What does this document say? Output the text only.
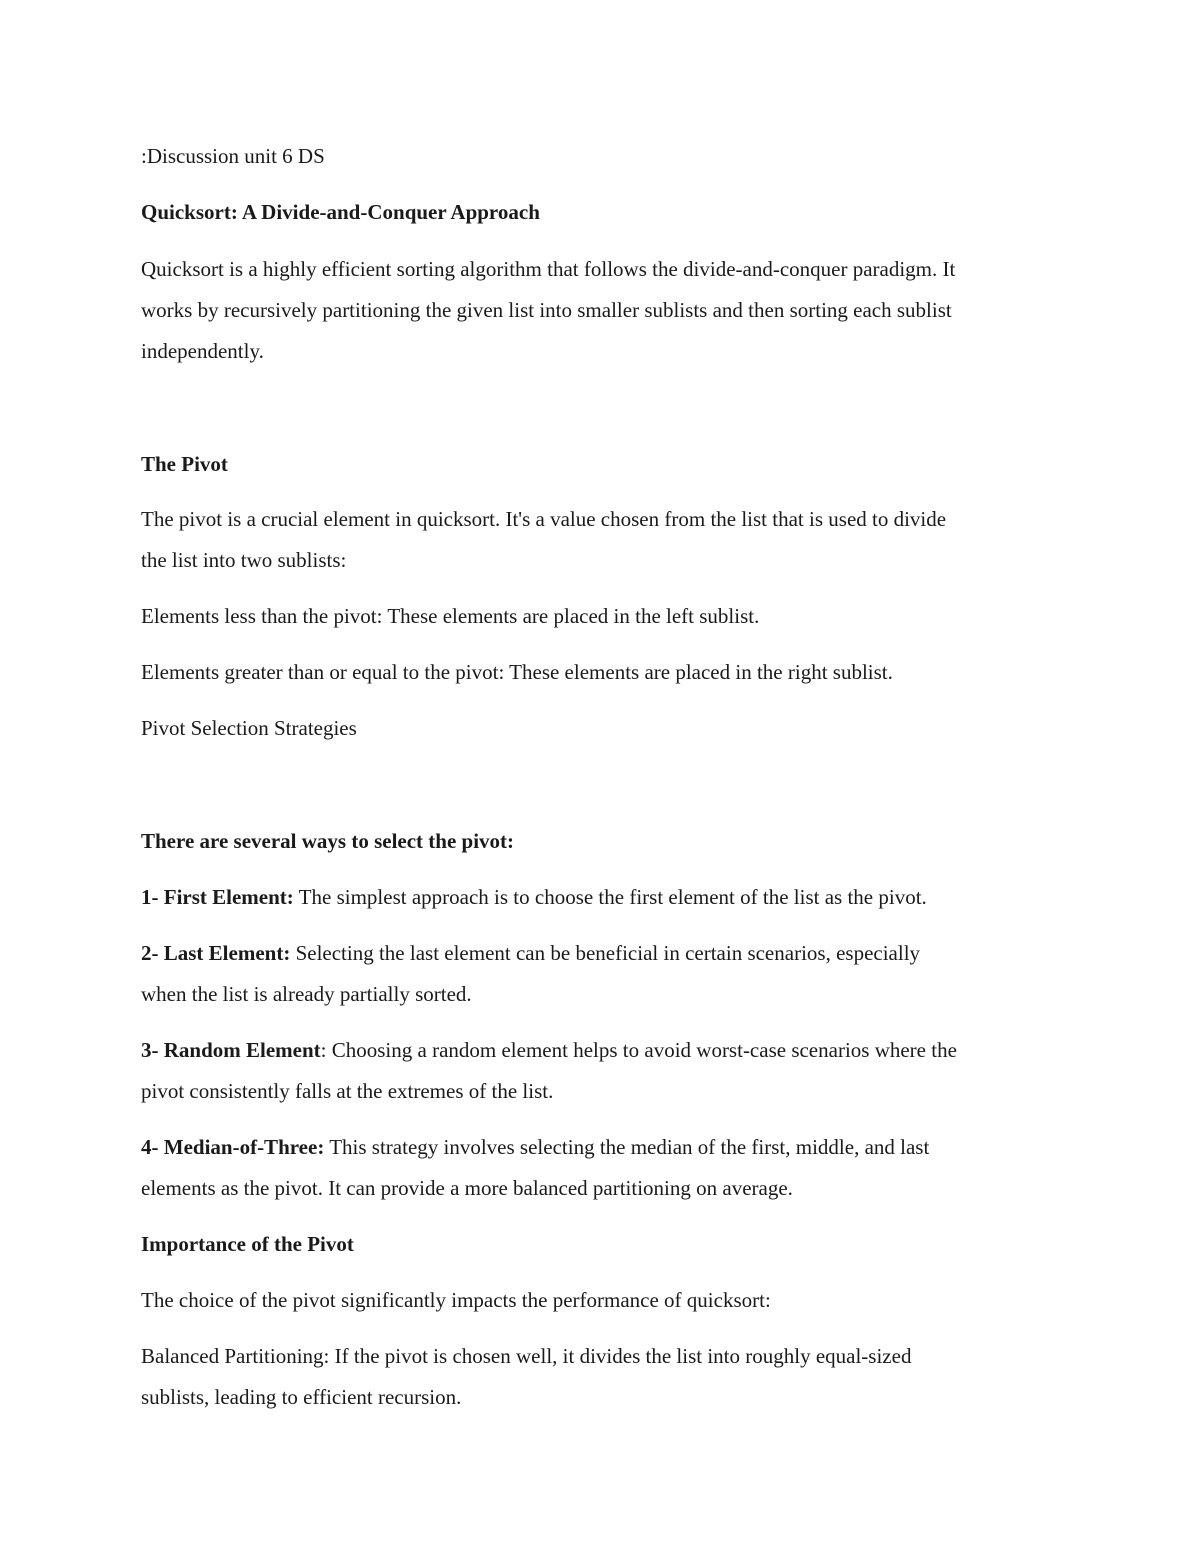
:Discussion unit 6 DS

Quicksort: A Divide-and-Conquer Approach

Quicksort is a highly efficient sorting algorithm that follows the divide-and-conquer paradigm. It

works by recursively partitioning the given list into smaller sublists and then sorting each sublist

independently.

The Pivot

The pivot is a crucial element in quicksort. It's a value chosen from the list that is used to divide

the list into two sublists:

Elements less than the pivot: These elements are placed in the left sublist.

Elements greater than or equal to the pivot: These elements are placed in the right sublist.

Pivot Selection Strategies

There are several ways to select the pivot:

1- First Element: The simplest approach is to choose the first element of the list as the pivot.

2- Last Element: Selecting the last element can be beneficial in certain scenarios, especially

when the list is already partially sorted.

3- Random Element: Choosing a random element helps to avoid worst-case scenarios where the

pivot consistently falls at the extremes of the list.

4- Median-of-Three: This strategy involves selecting the median of the first, middle, and last

elements as the pivot. It can provide a more balanced partitioning on average.

Importance of the Pivot

The choice of the pivot significantly impacts the performance of quicksort:

Balanced Partitioning: If the pivot is chosen well, it divides the list into roughly equal-sized

sublists, leading to efficient recursion.
